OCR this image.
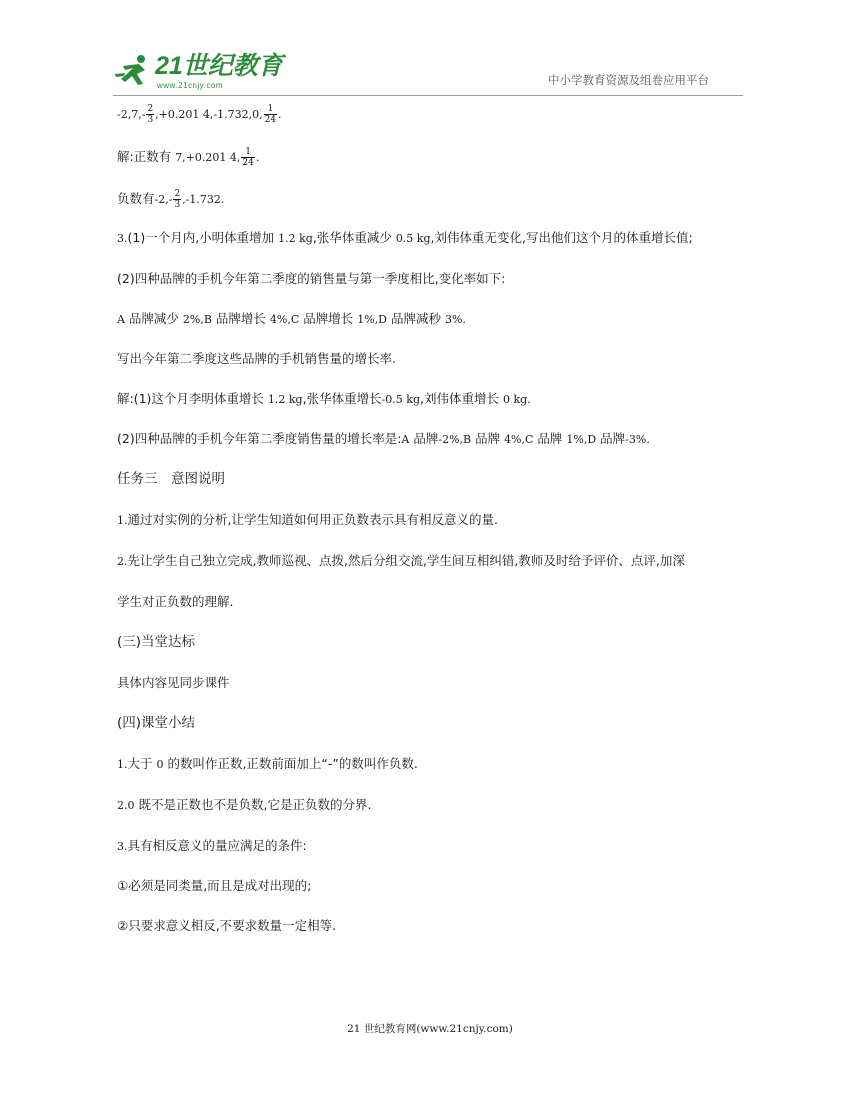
21世纪教育
www.21cnjy.com	中小学教育资源及组卷应用平台
$-2,7,- \frac{2}{3} ,+0.201$ 4,-1.732,0, $\frac{1}{24}$ .
解:正数有 7,+0.201 4, $\frac{1}{24}$ .
负数有$-2,- \frac{2}{3} ,-1.732$.
3.(1)一个月内,小明体重增加 1.2 kg,张华体重减少 0.5 kg,刘伟体重无变化,写出他们这个月的体重增长值;
(2)四种品牌的手机今年第二季度的销售量与第一季度相比,变化率如下:
A 品牌减少 2%,B 品牌增长 4%,C 品牌增长 1%,D 品牌减秒 3%.
写出今年第二季度这些品牌的手机销售量的增长率.
解:(1)这个月李明体重增长 1.2 kg,张华体重增长-0.5 kg,刘伟体重增长 0 kg.
(2)四种品牌的手机今年第二季度销售量的增长率是:A 品牌-2%,B 品牌 4%,C 品牌 1%,D 品牌-3%.
任务三　意图说明
1.通过对实例的分析,让学生知道如何用正负数表示具有相反意义的量.
2.先让学生自己独立完成,教师巡视、点拨,然后分组交流,学生间互相纠错,教师及时给予评价、点评,加深
学生对正负数的理解.
(三)当堂达标
具体内容见同步课件
(四)课堂小结
1.大于 0 的数叫作正数,正数前面加上“-”的数叫作负数.
2.0 既不是正数也不是负数,它是正负数的分界.
3.具有相反意义的量应满足的条件:
①必须是同类量,而且是成对出现的;
②只要求意义相反,不要求数量一定相等.
21 世纪教育网(www.21cnjy.com)
